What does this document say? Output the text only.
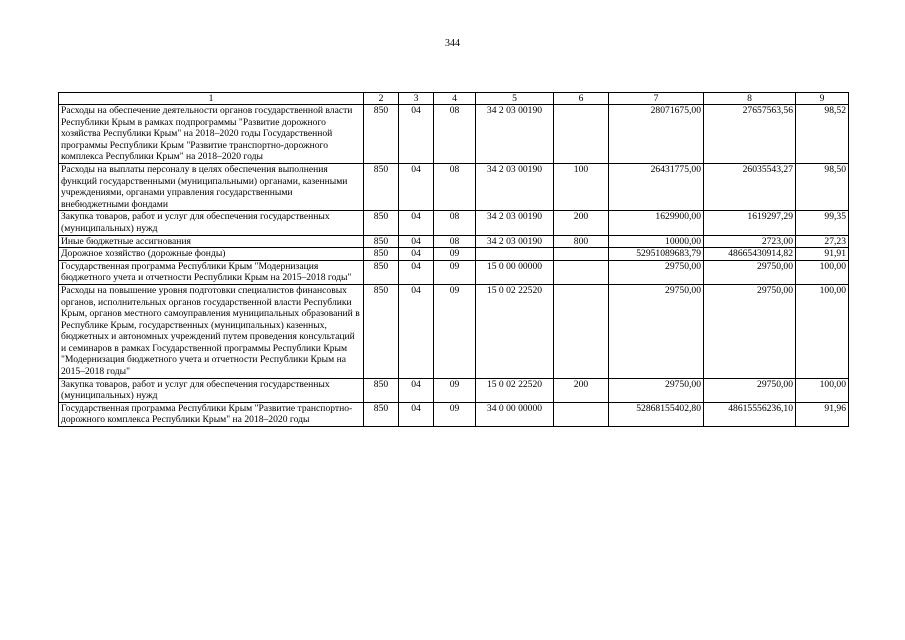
344
1	2	3	4	5	6	7	8	9
Расходы на обеспечение деятельности органов государственной власти Республики Крым в рамках подпрограммы "Развитие дорожного хозяйства Республики Крым" на 2018–2020 годы Государственной программы Республики Крым "Развитие транспортно-дорожного комплекса Республики Крым" на 2018–2020 годы	850	04	08	34 2 03 00190		28071675,00	27657563,56	98,52
Расходы на выплаты персоналу в целях обеспечения выполнения функций государственными (муниципальными) органами, казенными учреждениями, органами управления государственными внебюджетными фондами	850	04	08	34 2 03 00190	100	26431775,00	26035543,27	98,50
Закупка товаров, работ и услуг для обеспечения государственных (муниципальных) нужд	850	04	08	34 2 03 00190	200	1629900,00	1619297,29	99,35
Иные бюджетные ассигнования	850	04	08	34 2 03 00190	800	10000,00	2723,00	27,23
Дорожное хозяйство (дорожные фонды)	850	04	09			52951089683,79	48665430914,82	91,91
Государственная программа Республики Крым "Модернизация бюджетного учета и отчетности Республики Крым на 2015–2018 годы"	850	04	09	15 0 00 00000		29750,00	29750,00	100,00
Расходы на повышение уровня подготовки специалистов финансовых органов, исполнительных органов государственной власти Республики Крым, органов местного самоуправления муниципальных образований в Республике Крым, государственных (муниципальных) казенных, бюджетных и автономных учреждений путем проведения консультаций и семинаров в рамках Государственной программы Республики Крым "Модернизация бюджетного учета и отчетности Республики Крым на 2015–2018 годы"	850	04	09	15 0 02 22520		29750,00	29750,00	100,00
Закупка товаров, работ и услуг для обеспечения государственных (муниципальных) нужд	850	04	09	15 0 02 22520	200	29750,00	29750,00	100,00
Государственная программа Республики Крым "Развитие транспортно-дорожного комплекса Республики Крым" на 2018–2020 годы	850	04	09	34 0 00 00000		52868155402,80	48615556236,10	91,96
